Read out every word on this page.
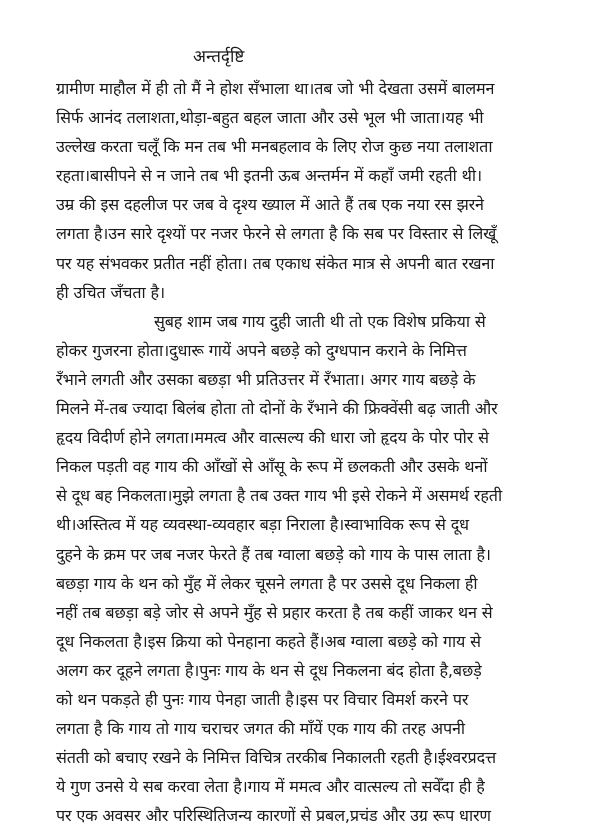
अन्तर्दृष्टि
ग्रामीण माहौल में ही तो मैं ने होश सँभाला था।तब जो भी देखता उसमें बालमन
सिर्फ आनंद तलाशता,थोड़ा-बहुत बहल जाता और उसे भूल भी जाता।यह भी
उल्लेख करता चलूँ कि मन तब भी मनबहलाव के लिए रोज कुछ नया तलाशता
रहता।बासीपने से न जाने तब भी इतनी ऊब अन्तर्मन में कहाँ जमी रहती थी।
उम्र की इस दहलीज पर जब वे दृश्य ख्याल में आते हैं तब एक नया रस झरने
लगता है।उन सारे दृश्यों पर नजर फेरने से लगता है कि सब पर विस्तार से लिखूँ
पर यह संभवकर प्रतीत नहीं होता। तब एकाध संकेत मात्र से अपनी बात रखना
ही उचित जँचता है।
सुबह शाम जब गाय दुही जाती थी तो एक विशेष प्रकिया से
होकर गुजरना होता।दुधारू गायें अपने बछड़े को दुग्धपान कराने के निमित्त
रँभाने लगती और उसका बछड़ा भी प्रतिउत्तर में रँभाता। अगर गाय बछड़े के
मिलने में-तब ज्यादा बिलंब होता तो दोनों के रँभाने की फ्रिक्वेंसी बढ़ जाती और
हृदय विदीर्ण होने लगता।ममत्व और वात्सल्य की धारा जो हृदय के पोर पोर से
निकल पड़ती वह गाय की आँखों से आँसू के रूप में छलकती और उसके थनों
से दूध बह निकलता।मुझे लगता है तब उक्त गाय भी इसे रोकने में असमर्थ रहती
थी।अस्तित्व में यह व्यवस्था-व्यवहार बड़ा निराला है।स्वाभाविक रूप से दूध
दुहने के क्रम पर जब नजर फेरते हैं तब ग्वाला बछड़े को गाय के पास लाता है।
बछड़ा गाय के थन को मुँह में लेकर चूसने लगता है पर उससे दूध निकला ही
नहीं तब बछड़ा बड़े जोर से अपने मुँह से प्रहार करता है तब कहीं जाकर थन से
दूध निकलता है।इस क्रिया को पेनहाना कहते हैं।अब ग्वाला बछड़े को गाय से
अलग कर दूहने लगता है।पुनः गाय के थन से दूध निकलना बंद होता है,बछड़े
को थन पकड़ते ही पुनः गाय पेनहा जाती है।इस पर विचार विमर्श करने पर
लगता है कि गाय तो गाय चराचर जगत की माँयें एक गाय की तरह अपनी
संतती को बचाए रखने के निमित्त विचित्र तरकीब निकालती रहती है।ईश्वरप्रदत्त
ये गुण उनसे ये सब करवा लेता है।गाय में ममत्व और वात्सल्य तो सवेँदा ही है
पर एक अवसर और परिस्थितिजन्य कारणों से प्रबल,प्रचंड और उग्र रूप धारण
